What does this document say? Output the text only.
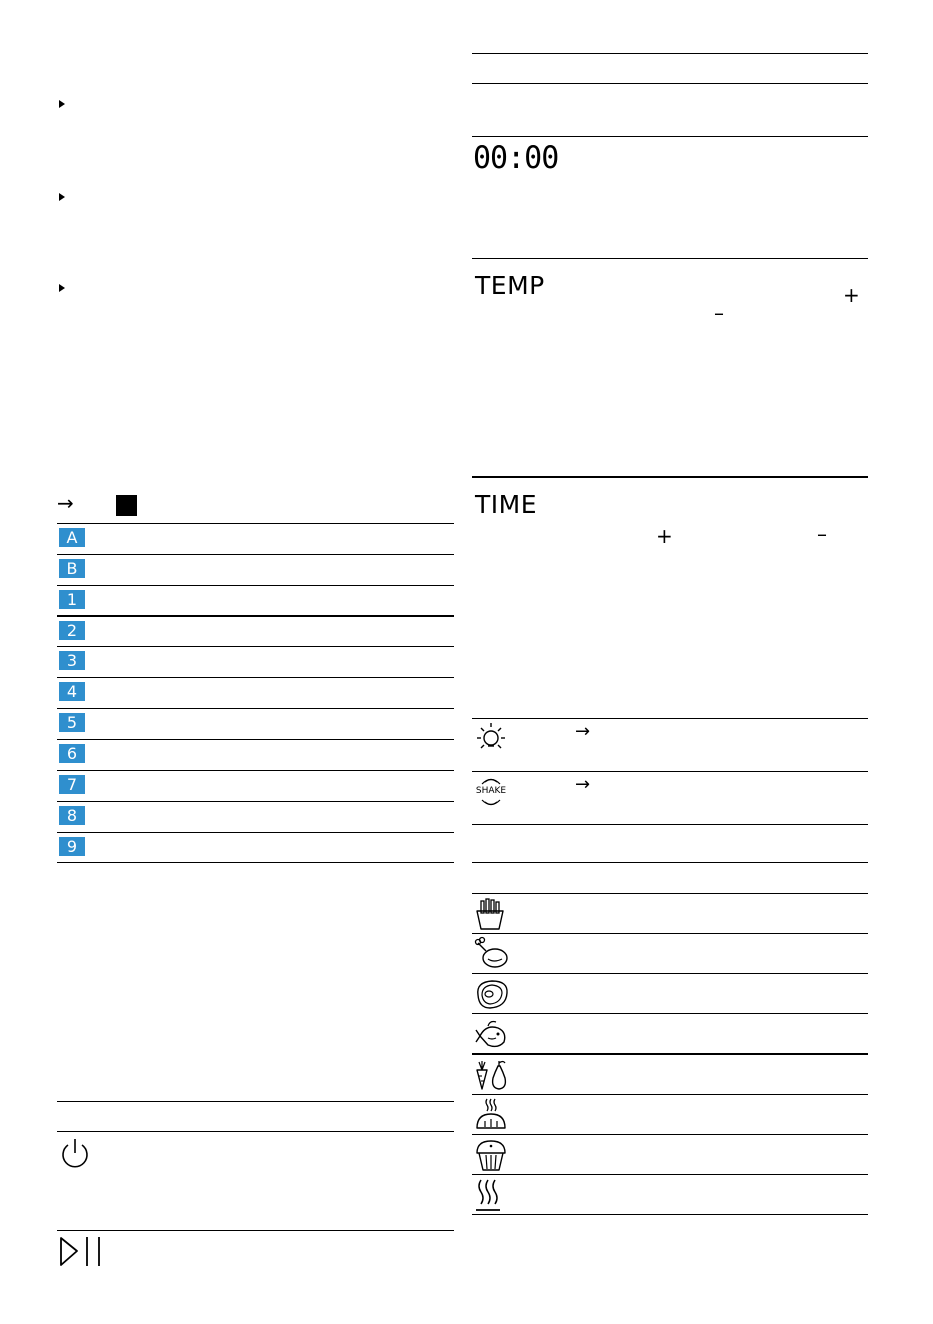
→
A
B
1
2
3
4
5
6
7
8
9
00:00
TEMP	+
–
TIME
+	–
→
SHAKE	→
